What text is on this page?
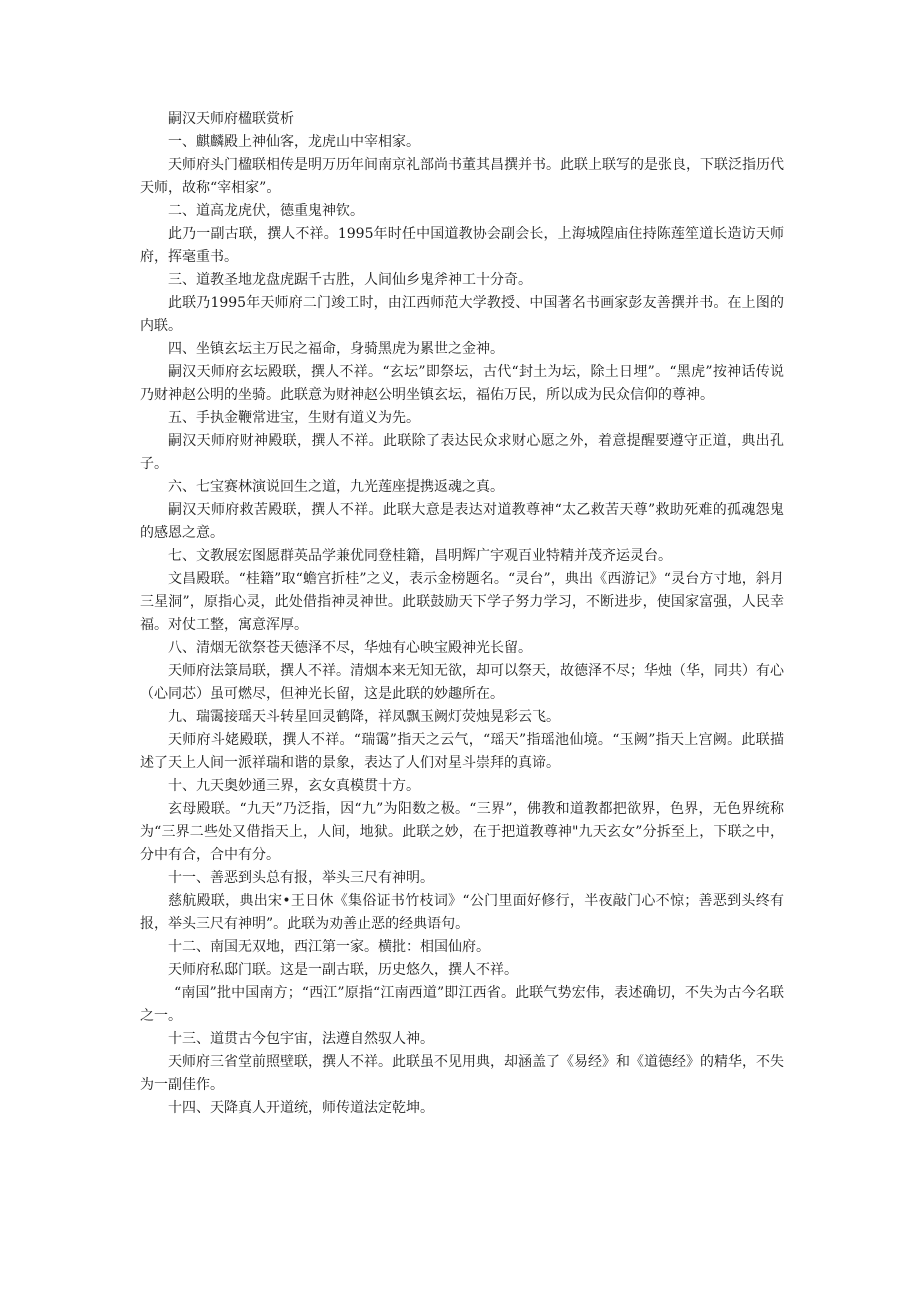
嗣汉天师府楹联赏析

一、麒麟殿上神仙客，龙虎山中宰相家。

天师府头门楹联相传是明万历年间南京礼部尚书董其昌撰并书。此联上联写的是张良，下联泛指历代天师，故称“宰相家”。

二、道高龙虎伏，德重鬼神钦。

此乃一副古联，撰人不祥。1995年时任中国道教协会副会长，上海城隍庙住持陈莲笙道长造访天师府，挥毫重书。

三、道教圣地龙盘虎踞千古胜，人间仙乡鬼斧神工十分奇。

此联乃1995年天师府二门竣工时，由江西师范大学教授、中国著名书画家彭友善撰并书。在上图的内联。

四、坐镇玄坛主万民之福命，身骑黑虎为累世之金神。

嗣汉天师府玄坛殿联，撰人不祥。“玄坛”即祭坛，古代“封土为坛，除土日埋”。“黑虎”按神话传说乃财神赵公明的坐骑。此联意为财神赵公明坐镇玄坛，福佑万民，所以成为民众信仰的尊神。

五、手执金鞭常进宝，生财有道义为先。

嗣汉天师府财神殿联，撰人不祥。此联除了表达民众求财心愿之外，着意提醒要遵守正道，典出孔子。

六、七宝赛林演说回生之道，九光莲座提携返魂之真。

嗣汉天师府救苦殿联，撰人不祥。此联大意是表达对道教尊神“太乙救苦天尊”救助死难的孤魂怨鬼的感恩之意。

七、文教展宏图愿群英品学兼优同登桂籍，昌明辉广宇观百业特精并茂齐运灵台。

文昌殿联。“桂籍”取“蟾宫折桂”之义，表示金榜题名。“灵台”，典出《西游记》“灵台方寸地，斜月三星洞”，原指心灵，此处借指神灵神世。此联鼓励天下学子努力学习，不断进步，使国家富强，人民幸福。对仗工整，寓意浑厚。

八、清烟无欲祭苍天德泽不尽，华烛有心映宝殿神光长留。

天师府法箓局联，撰人不祥。清烟本来无知无欲，却可以祭天，故德泽不尽；华烛（华，同共）有心（心同芯）虽可燃尽，但神光长留，这是此联的妙趣所在。

九、瑞霭接瑶天斗转星回灵鹤降，祥凤飘玉阙灯荧烛晃彩云飞。

天师府斗姥殿联，撰人不祥。“瑞霭”指天之云气，“瑶天”指瑶池仙境。“玉阙”指天上宫阙。此联描述了天上人间一派祥瑞和谐的景象，表达了人们对星斗崇拜的真谛。

十、九天奥妙通三界，玄女真模贯十方。

玄母殿联。“九天”乃泛指，因“九”为阳数之极。“三界”，佛教和道教都把欲界，色界，无色界统称为“三界二些处又借指天上，人间，地狱。此联之妙，在于把道教尊神"九天玄女”分拆至上，下联之中，分中有合，合中有分。

十一、善恶到头总有报，举头三尺有神明。

慈航殿联，典出宋•王日休《集俗证书竹枝词》“公门里面好修行，半夜敲门心不惊；善恶到头终有报，举头三尺有神明”。此联为劝善止恶的经典语句。

十二、南国无双地，西江第一家。横批：相国仙府。

天师府私邸门联。这是一副古联，历史悠久，撰人不祥。

“南国”批中国南方；“西江”原指“江南西道”即江西省。此联气势宏伟，表述确切，不失为古今名联之一。

十三、道贯古今包宇宙，法遵自然驭人神。

天师府三省堂前照壁联，撰人不祥。此联虽不见用典，却涵盖了《易经》和《道德经》的精华，不失为一副佳作。

十四、天降真人开道统，师传道法定乾坤。
